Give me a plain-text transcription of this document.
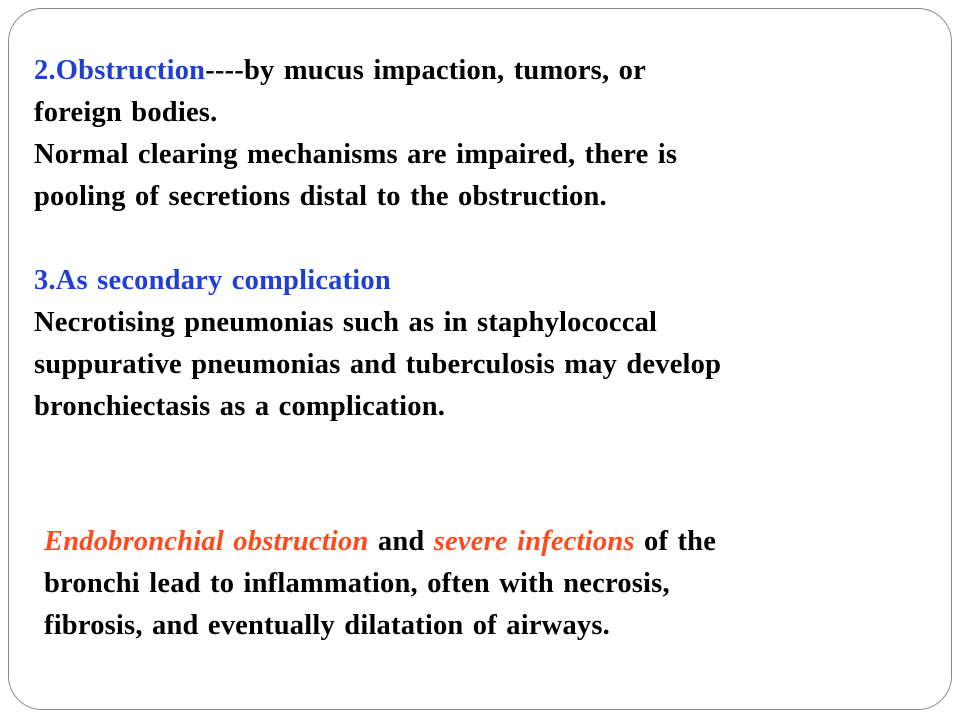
2.Obstruction----by mucus impaction, tumors, or

foreign bodies.

Normal clearing mechanisms are impaired, there is

pooling of secretions distal to the obstruction.

3.As secondary complication

Necrotising pneumonias such as in staphylococcal

suppurative pneumonias and tuberculosis may develop

bronchiectasis as a complication.

Endobronchial obstruction and severe infections of the

bronchi lead to inflammation, often with necrosis,

fibrosis, and eventually dilatation of airways.
